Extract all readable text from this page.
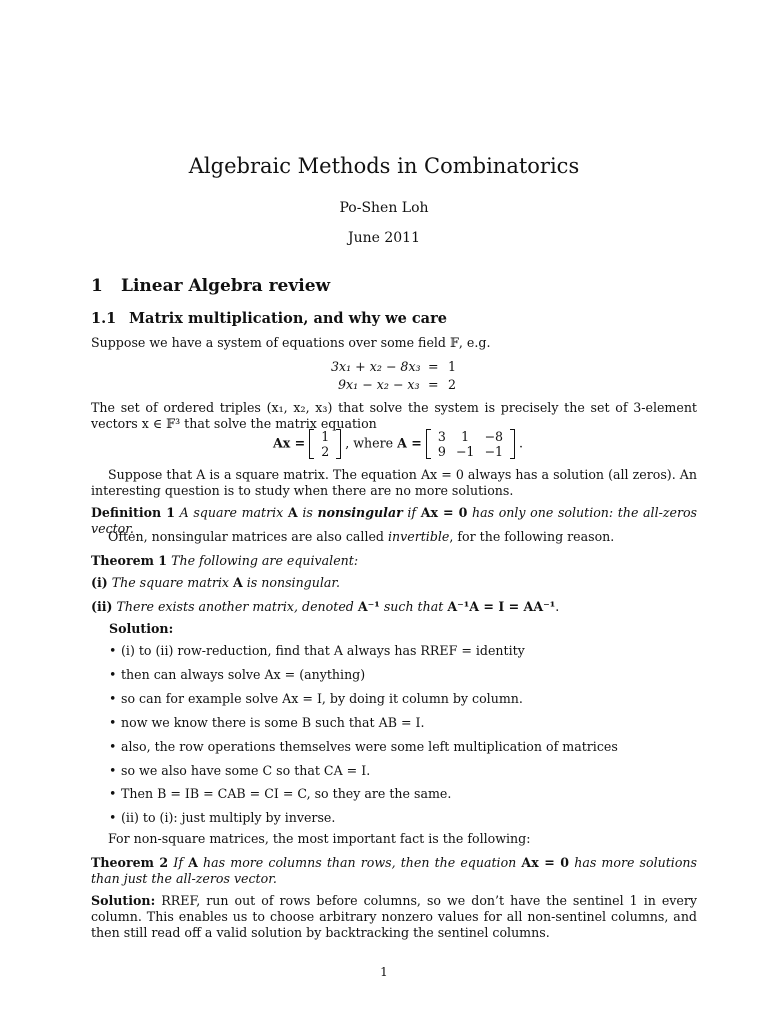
Algebraic Methods in Combinatorics
Po-Shen Loh
June 2011
1 Linear Algebra review
1.1 Matrix multiplication, and why we care
Suppose we have a system of equations over some field 𝔽, e.g.
3x₁ + x₂ − 8x₃ = 1
9x₁ − x₂ − x₃ = 2
The set of ordered triples (x₁, x₂, x₃) that solve the system is precisely the set of 3-element vectors x ∈ 𝔽³ that solve the matrix equation
Ax = 1
2
, where A = 3	1	−8
9	−1	−1
.
Suppose that A is a square matrix. The equation Ax = 0 always has a solution (all zeros). An interesting question is to study when there are no more solutions.
Definition 1 A square matrix A is nonsingular if Ax = 0 has only one solution: the all-zeros vector.
Often, nonsingular matrices are also called invertible, for the following reason.
Theorem 1 The following are equivalent:
(i) The square matrix A is nonsingular.
(ii) There exists another matrix, denoted A⁻¹ such that A⁻¹A = I = AA⁻¹.
Solution:
• (i) to (ii) row-reduction, find that A always has RREF = identity
• then can always solve Ax = (anything)
• so can for example solve Ax = I, by doing it column by column.
• now we know there is some B such that AB = I.
• also, the row operations themselves were some left multiplication of matrices
• so we also have some C so that CA = I.
• Then B = IB = CAB = CI = C, so they are the same.
• (ii) to (i): just multiply by inverse.
For non-square matrices, the most important fact is the following:
Theorem 2 If A has more columns than rows, then the equation Ax = 0 has more solutions than just the all-zeros vector.
Solution: RREF, run out of rows before columns, so we don’t have the sentinel 1 in every column. This enables us to choose arbitrary nonzero values for all non-sentinel columns, and then still read off a valid solution by backtracking the sentinel columns.
1
